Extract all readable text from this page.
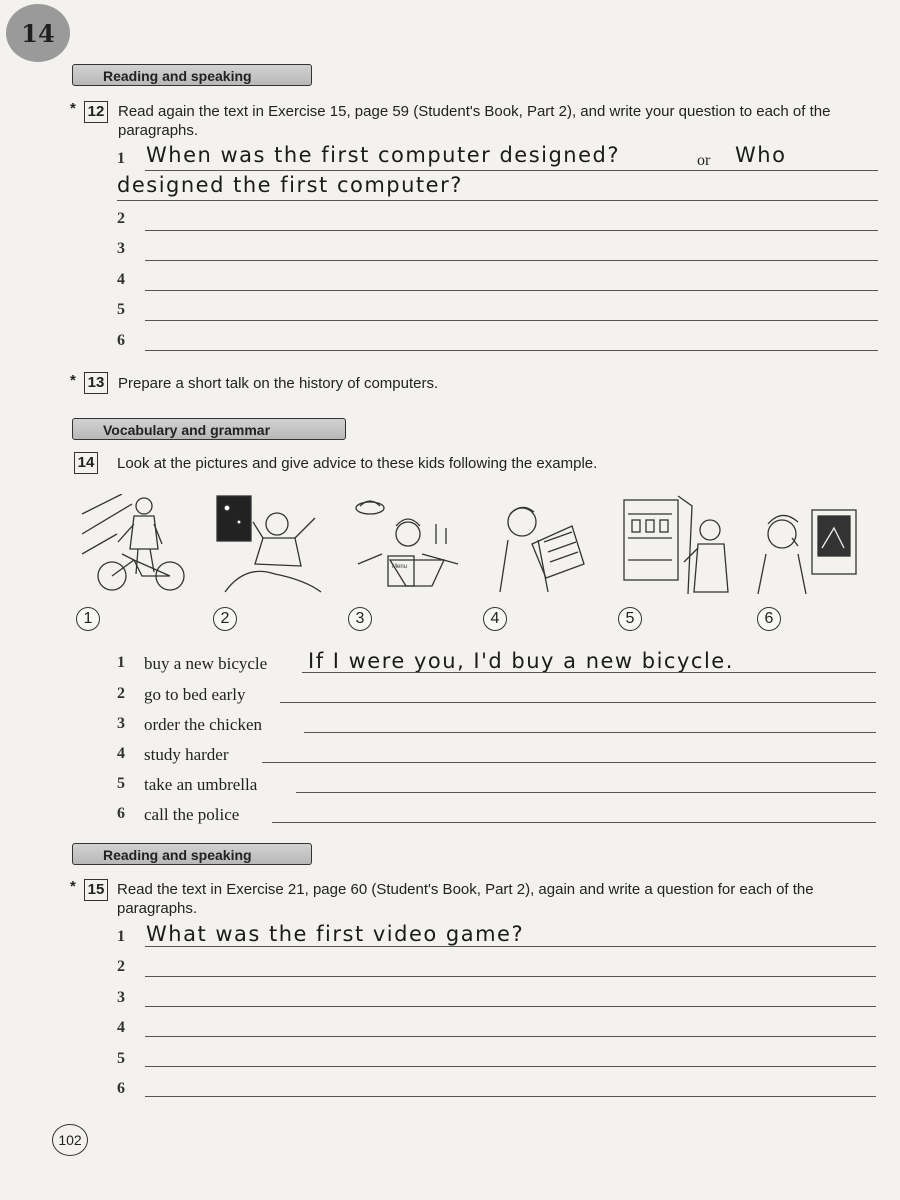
14
Reading and speaking
* 12 Read again the text in Exercise 15, page 59 (Student's Book, Part 2), and write your question to each of the paragraphs.
1 When was the first computer designed?	or Who
designed the first computer?
2
3
4
5
6
* 13 Prepare a short talk on the history of computers.
Vocabulary and grammar
14 Look at the pictures and give advice to these kids following the example.
Menu
1	2	3	4	5	6
1 buy a new bicycle If I were you, I'd buy a new bicycle.
2 go to bed early
3 order the chicken
4 study harder
5 take an umbrella
6 call the police
Reading and speaking
* 15 Read the text in Exercise 21, page 60 (Student's Book, Part 2), again and write a question for each of the paragraphs.
1 What was the first video game?
2
3
4
5
6
102
